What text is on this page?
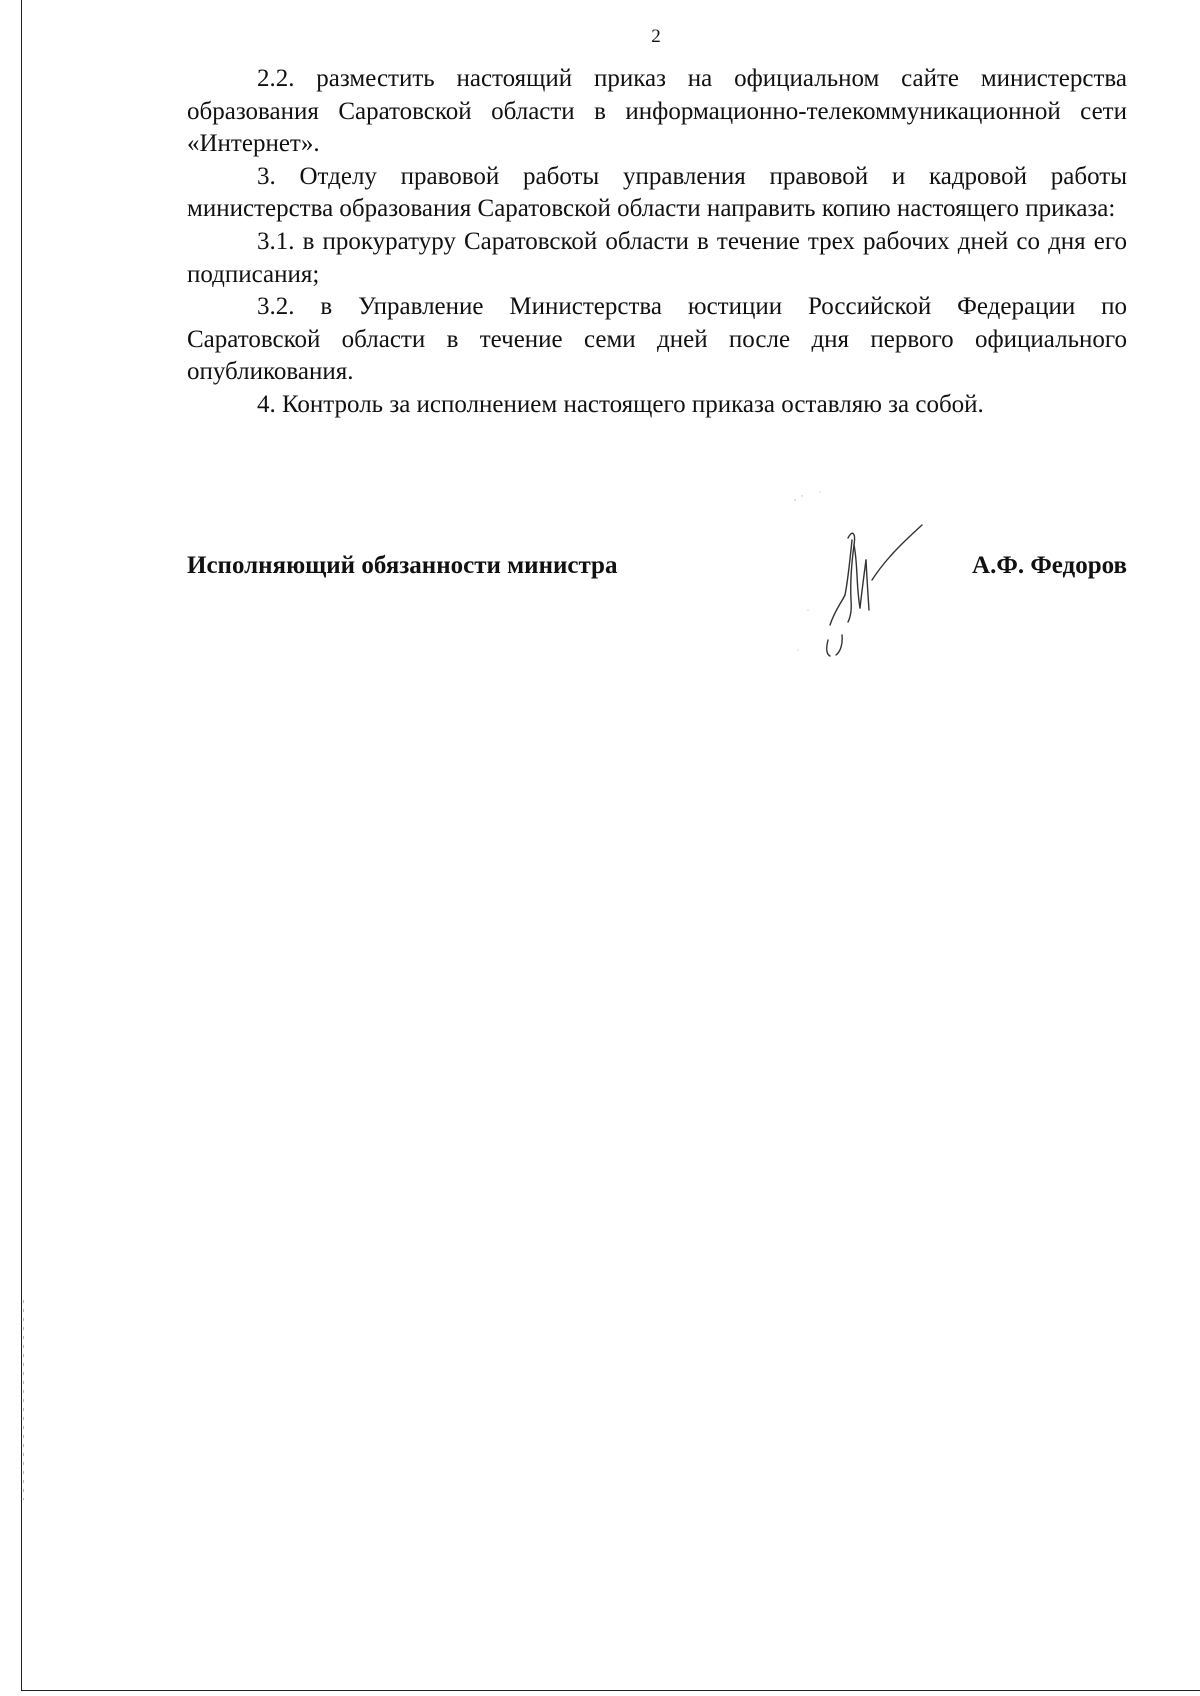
2

2.2. разместить настоящий приказ на официальном сайте министерства образования Саратовской области в информационно-телекоммуникационной сети «Интернет».

3. Отделу правовой работы управления правовой и кадровой работы министерства образования Саратовской области направить копию настоящего приказа:

3.1. в прокуратуру Саратовской области в течение трех рабочих дней со дня его подписания;

3.2. в Управление Министерства юстиции Российской Федерации по Саратовской области в течение семи дней после дня первого официального опубликования.

4. Контроль за исполнением настоящего приказа оставляю за собой.

Исполняющий обязанности министра	А.Ф. Федоров
